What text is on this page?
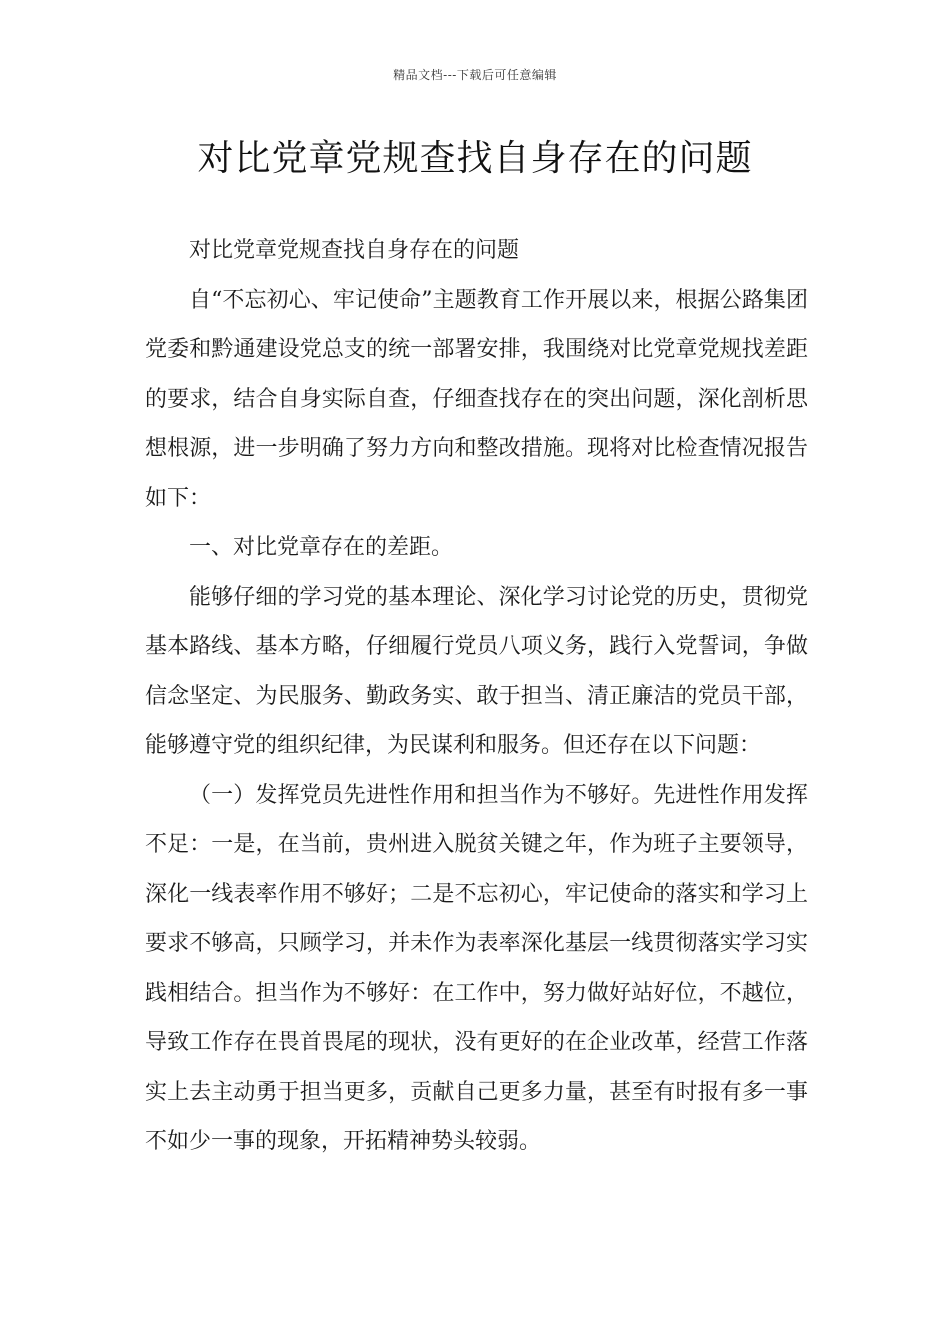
精品文档---下载后可任意编辑
对比党章党规查找自身存在的问题

对比党章党规查找自身存在的问题

自“不忘初心、牢记使命”主题教育工作开展以来，根据公路集团党委和黔通建设党总支的统一部署安排，我围绕对比党章党规找差距的要求，结合自身实际自查，仔细查找存在的突出问题，深化剖析思想根源，进一步明确了努力方向和整改措施。现将对比检查情况报告如下：

一、对比党章存在的差距。

能够仔细的学习党的基本理论、深化学习讨论党的历史，贯彻党基本路线、基本方略，仔细履行党员八项义务，践行入党誓词，争做信念坚定、为民服务、勤政务实、敢于担当、清正廉洁的党员干部，能够遵守党的组织纪律，为民谋利和服务。但还存在以下问题：

（一）发挥党员先进性作用和担当作为不够好。先进性作用发挥不足：一是，在当前，贵州进入脱贫关键之年，作为班子主要领导，深化一线表率作用不够好；二是不忘初心，牢记使命的落实和学习上要求不够高，只顾学习，并未作为表率深化基层一线贯彻落实学习实践相结合。担当作为不够好：在工作中，努力做好站好位，不越位，导致工作存在畏首畏尾的现状，没有更好的在企业改革，经营工作落实上去主动勇于担当更多，贡献自己更多力量，甚至有时报有多一事不如少一事的现象，开拓精神势头较弱。
